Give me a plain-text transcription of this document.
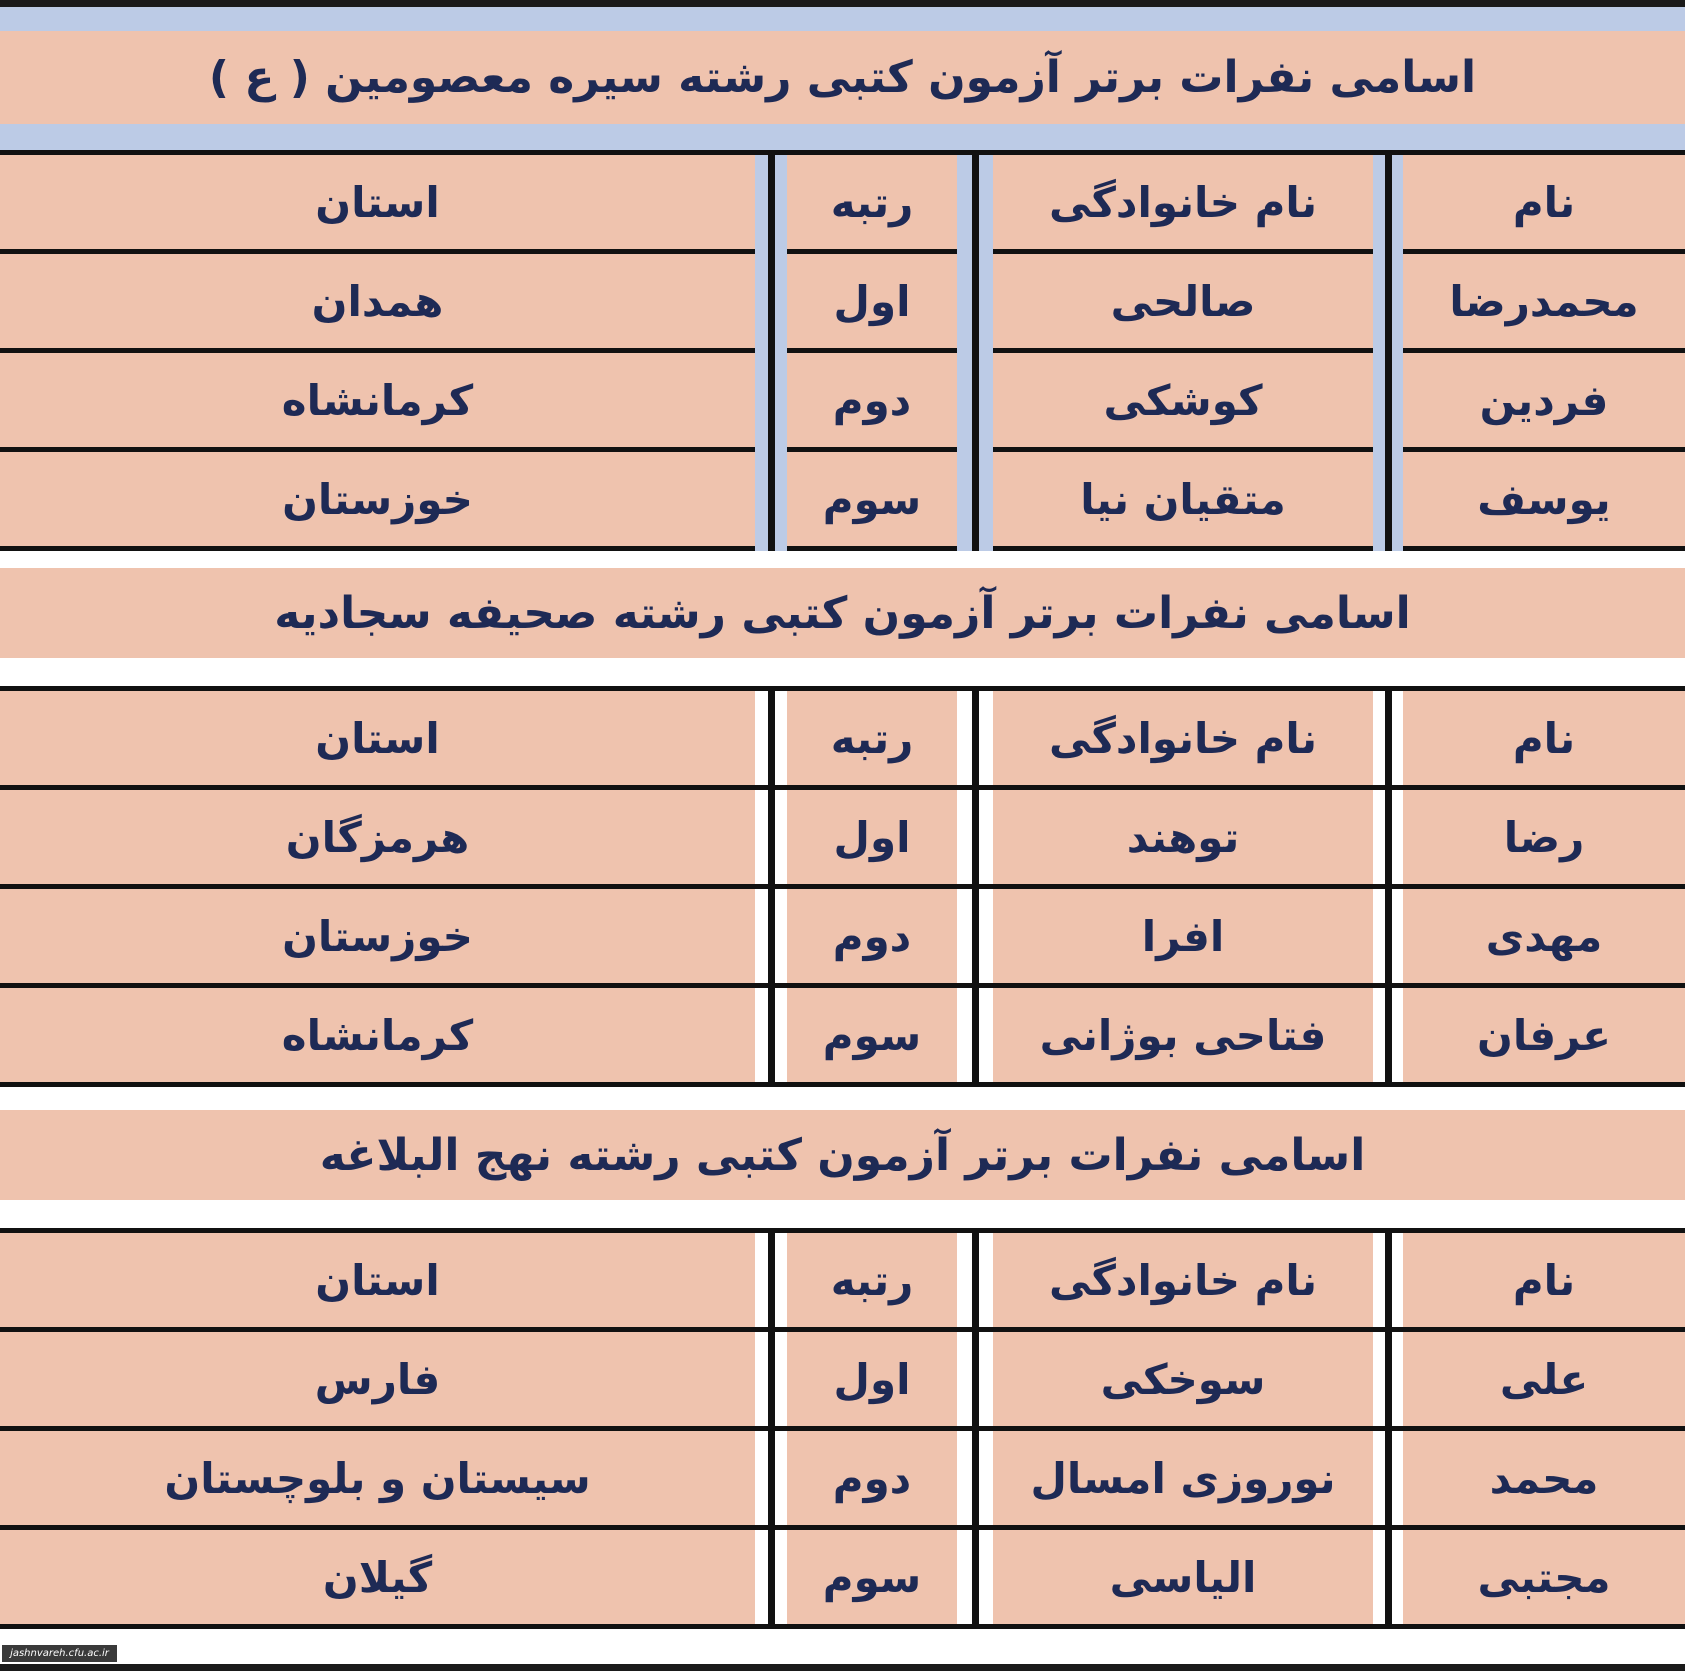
اسامی نفرات برتر آزمون کتبی رشته سیره معصومین ( ع )
استان	رتبه	نام خانوادگی	نام
همدان	اول	صالحی	محمدرضا
کرمانشاه	دوم	کوشکی	فردین
خوزستان	سوم	متقیان نیا	یوسف
اسامی نفرات برتر آزمون کتبی رشته صحیفه سجادیه
استان	رتبه	نام خانوادگی	نام
هرمزگان	اول	توهند	رضا
خوزستان	دوم	افرا	مهدی
کرمانشاه	سوم	فتاحی بوژانی	عرفان
اسامی نفرات برتر آزمون کتبی رشته نهج البلاغه
استان	رتبه	نام خانوادگی	نام
فارس	اول	سوخکی	علی
سیستان و بلوچستان	دوم	نوروزی امسال	محمد
گیلان	سوم	الیاسی	مجتبی
jashnvareh.cfu.ac.ir
